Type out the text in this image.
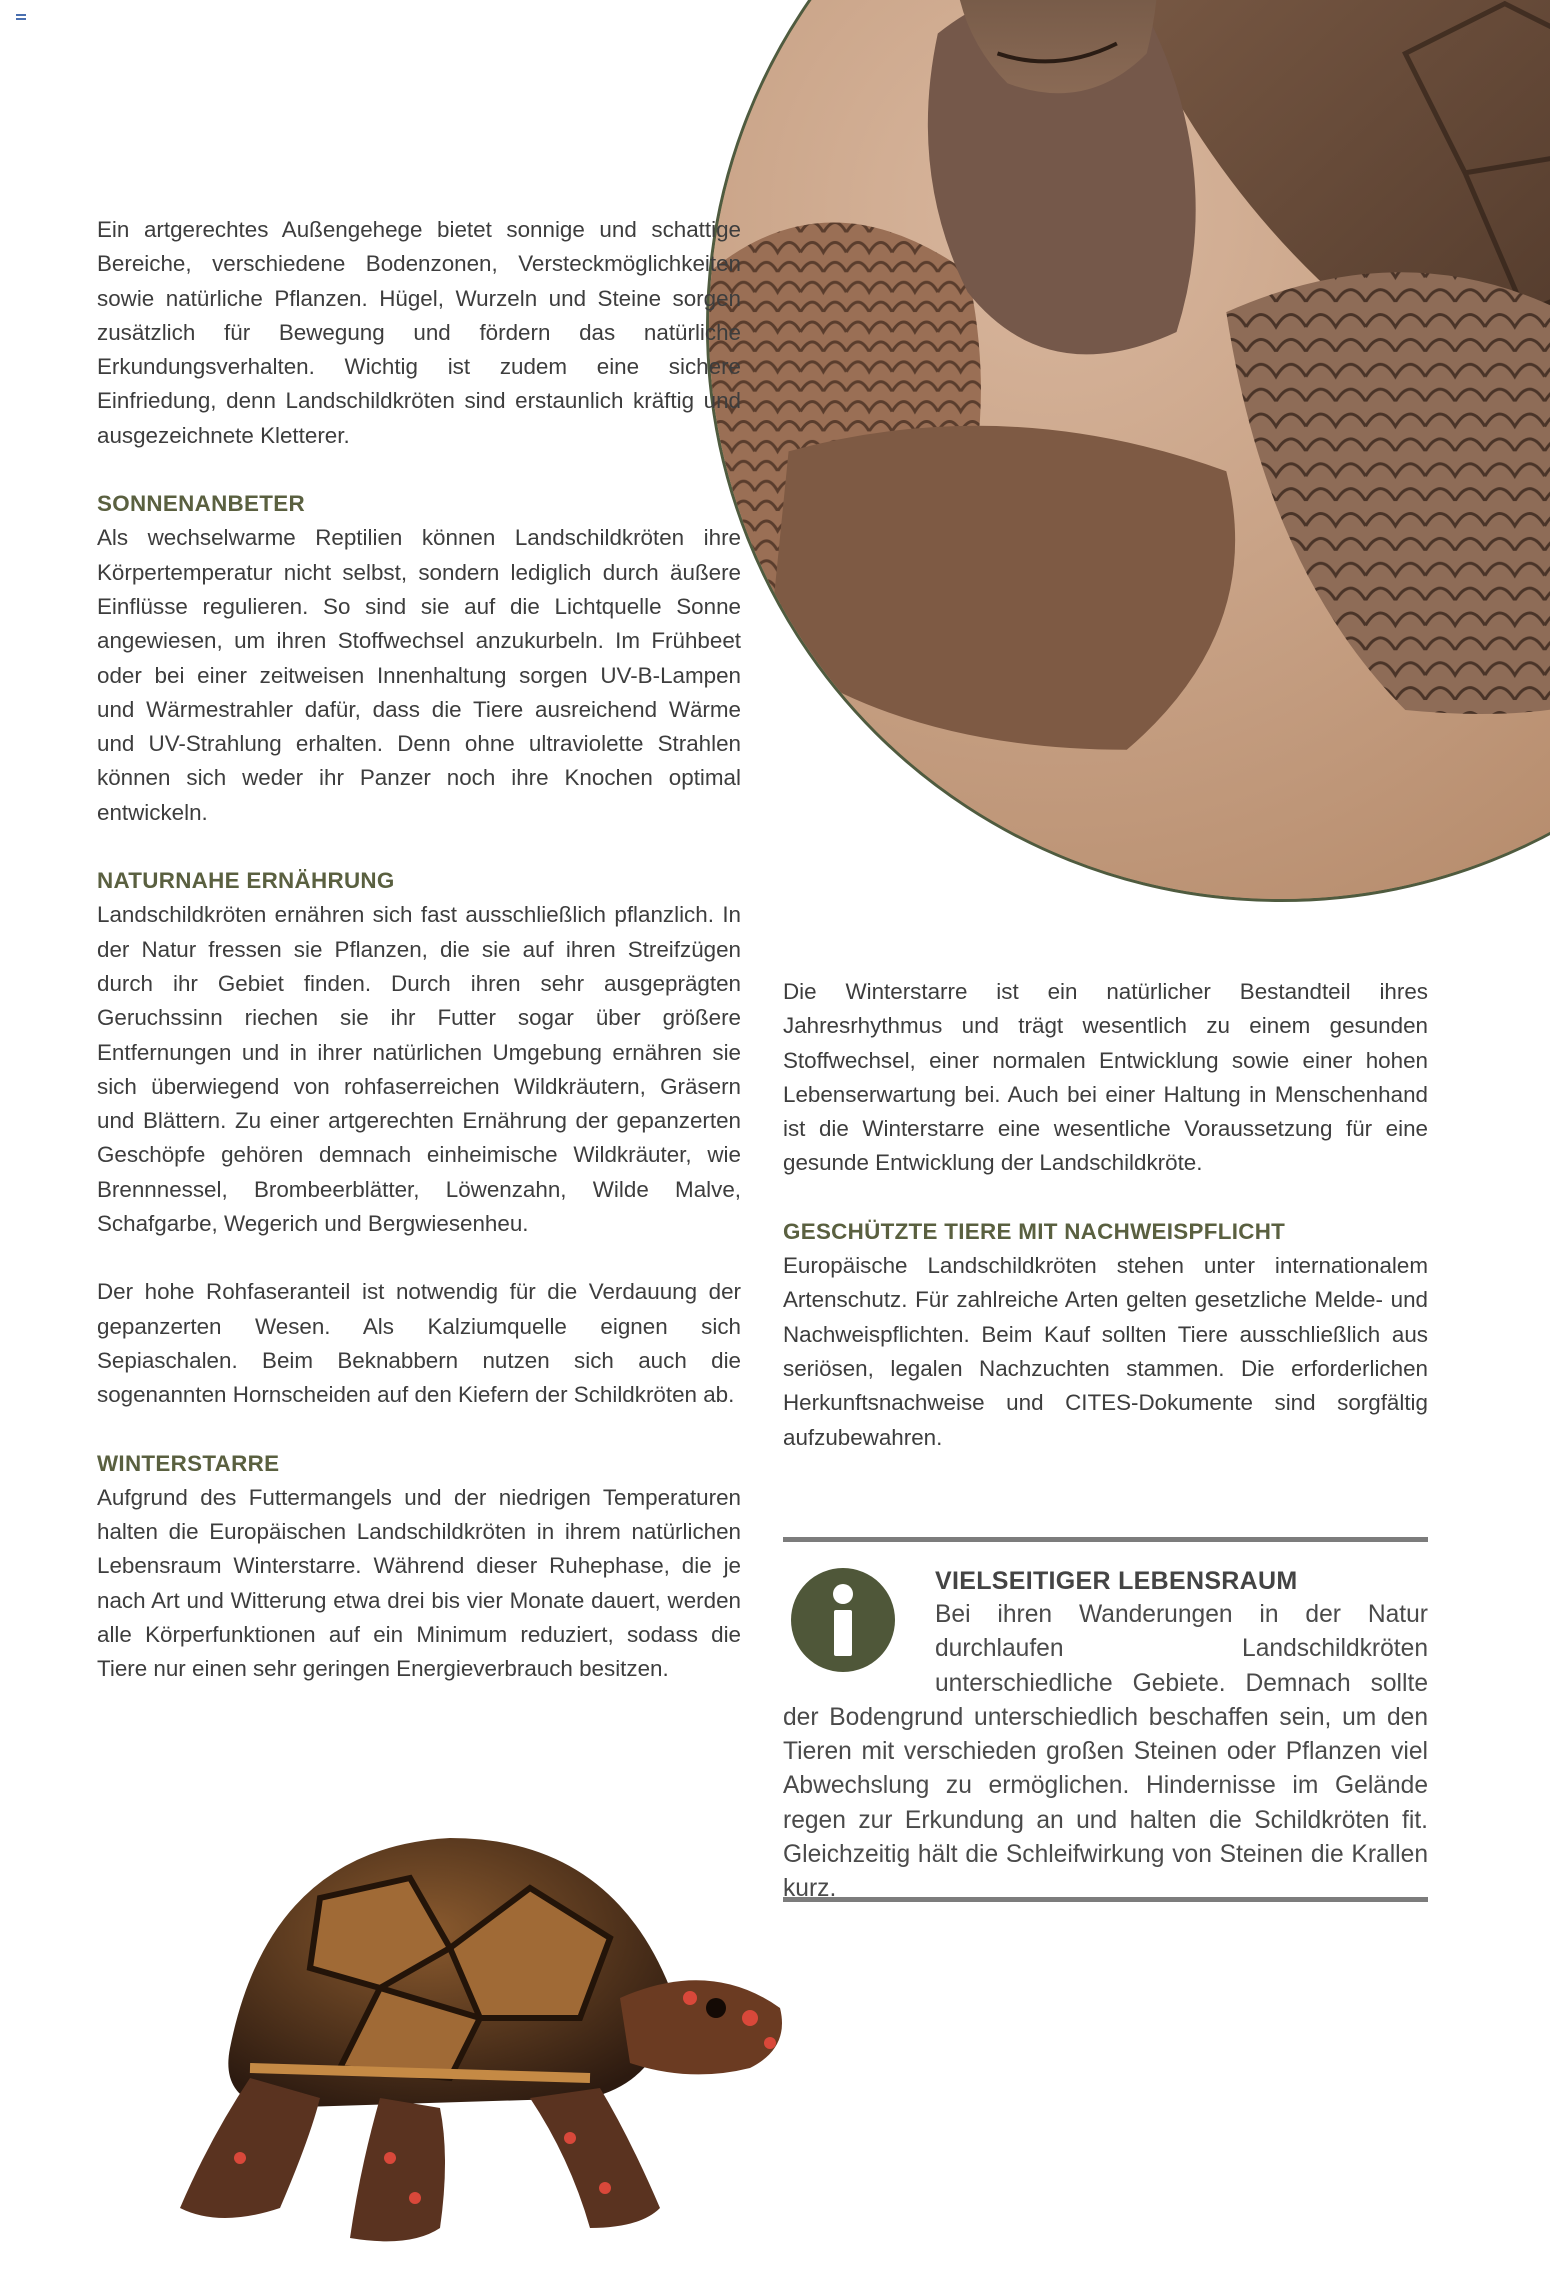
Ein artgerechtes Außengehege bietet sonnige und schattige Bereiche, verschiedene Bodenzonen, Versteckmöglichkeiten sowie natürliche Pflanzen. Hügel, Wurzeln und Steine sorgen zusätzlich für Bewegung und fördern das natürliche Erkundungsverhalten. Wichtig ist zudem eine sichere Einfriedung, denn Landschildkröten sind erstaunlich kräftig und ausgezeichnete Kletterer.

SONNENANBETER

Als wechselwarme Reptilien können Landschildkröten ihre Körpertemperatur nicht selbst, sondern lediglich durch äußere Einflüsse regulieren. So sind sie auf die Lichtquelle Sonne angewiesen, um ihren Stoffwechsel anzukurbeln. Im Frühbeet oder bei einer zeitweisen Innenhaltung sorgen UV-B-Lampen und Wärmestrahler dafür, dass die Tiere ausreichend Wärme und UV-Strahlung erhalten. Denn ohne ultraviolette Strahlen können sich weder ihr Panzer noch ihre Knochen optimal entwickeln.

NATURNAHE ERNÄHRUNG

Landschildkröten ernähren sich fast ausschließlich pflanzlich. In der Natur fressen sie Pflanzen, die sie auf ihren Streifzügen durch ihr Gebiet finden. Durch ihren sehr ausgeprägten Geruchssinn riechen sie ihr Futter sogar über größere Entfernungen und in ihrer natürlichen Umgebung ernähren sie sich überwiegend von rohfaserreichen Wildkräutern, Gräsern und Blättern. Zu einer artgerechten Ernährung der gepanzerten Geschöpfe gehören demnach einheimische Wildkräuter, wie Brennnessel, Brombeerblätter, Löwenzahn, Wilde Malve, Schafgarbe, Wegerich und Bergwiesenheu.

Der hohe Rohfaseranteil ist notwendig für die Verdauung der gepanzerten Wesen. Als Kalziumquelle eignen sich Sepiaschalen. Beim Beknabbern nutzen sich auch die sogenannten Hornscheiden auf den Kiefern der Schildkröten ab.

WINTERSTARRE

Aufgrund des Futtermangels und der niedrigen Temperaturen halten die Europäischen Landschildkröten in ihrem natürlichen Lebensraum Winterstarre. Während dieser Ruhephase, die je nach Art und Witterung etwa drei bis vier Monate dauert, werden alle Körperfunktionen auf ein Minimum reduziert, sodass die Tiere nur einen sehr geringen Energieverbrauch besitzen.

Die Winterstarre ist ein natürlicher Bestandteil ihres Jahresrhythmus und trägt wesentlich zu einem gesunden Stoffwechsel, einer normalen Entwicklung sowie einer hohen Lebenserwartung bei. Auch bei einer Haltung in Menschenhand ist die Winterstarre eine wesentliche Voraussetzung für eine gesunde Entwicklung der Landschildkröte.

GESCHÜTZTE TIERE MIT NACHWEISPFLICHT

Europäische Landschildkröten stehen unter internationalem Artenschutz. Für zahlreiche Arten gelten gesetzliche Melde- und Nachweispflichten. Beim Kauf sollten Tiere ausschließlich aus seriösen, legalen Nachzuchten stammen. Die erforderlichen Herkunftsnachweise und CITES-Dokumente sind sorgfältig aufzubewahren.

VIELSEITIGER LEBENSRAUM

Bei ihren Wanderungen in der Natur durchlaufen Landschildkröten unterschiedliche Gebiete. Demnach sollte der Bodengrund unterschiedlich beschaffen sein, um den Tieren mit verschieden großen Steinen oder Pflanzen viel Abwechslung zu ermöglichen. Hindernisse im Gelände regen zur Erkundung an und halten die Schildkröten fit. Gleichzeitig hält die Schleifwirkung von Steinen die Krallen kurz.
